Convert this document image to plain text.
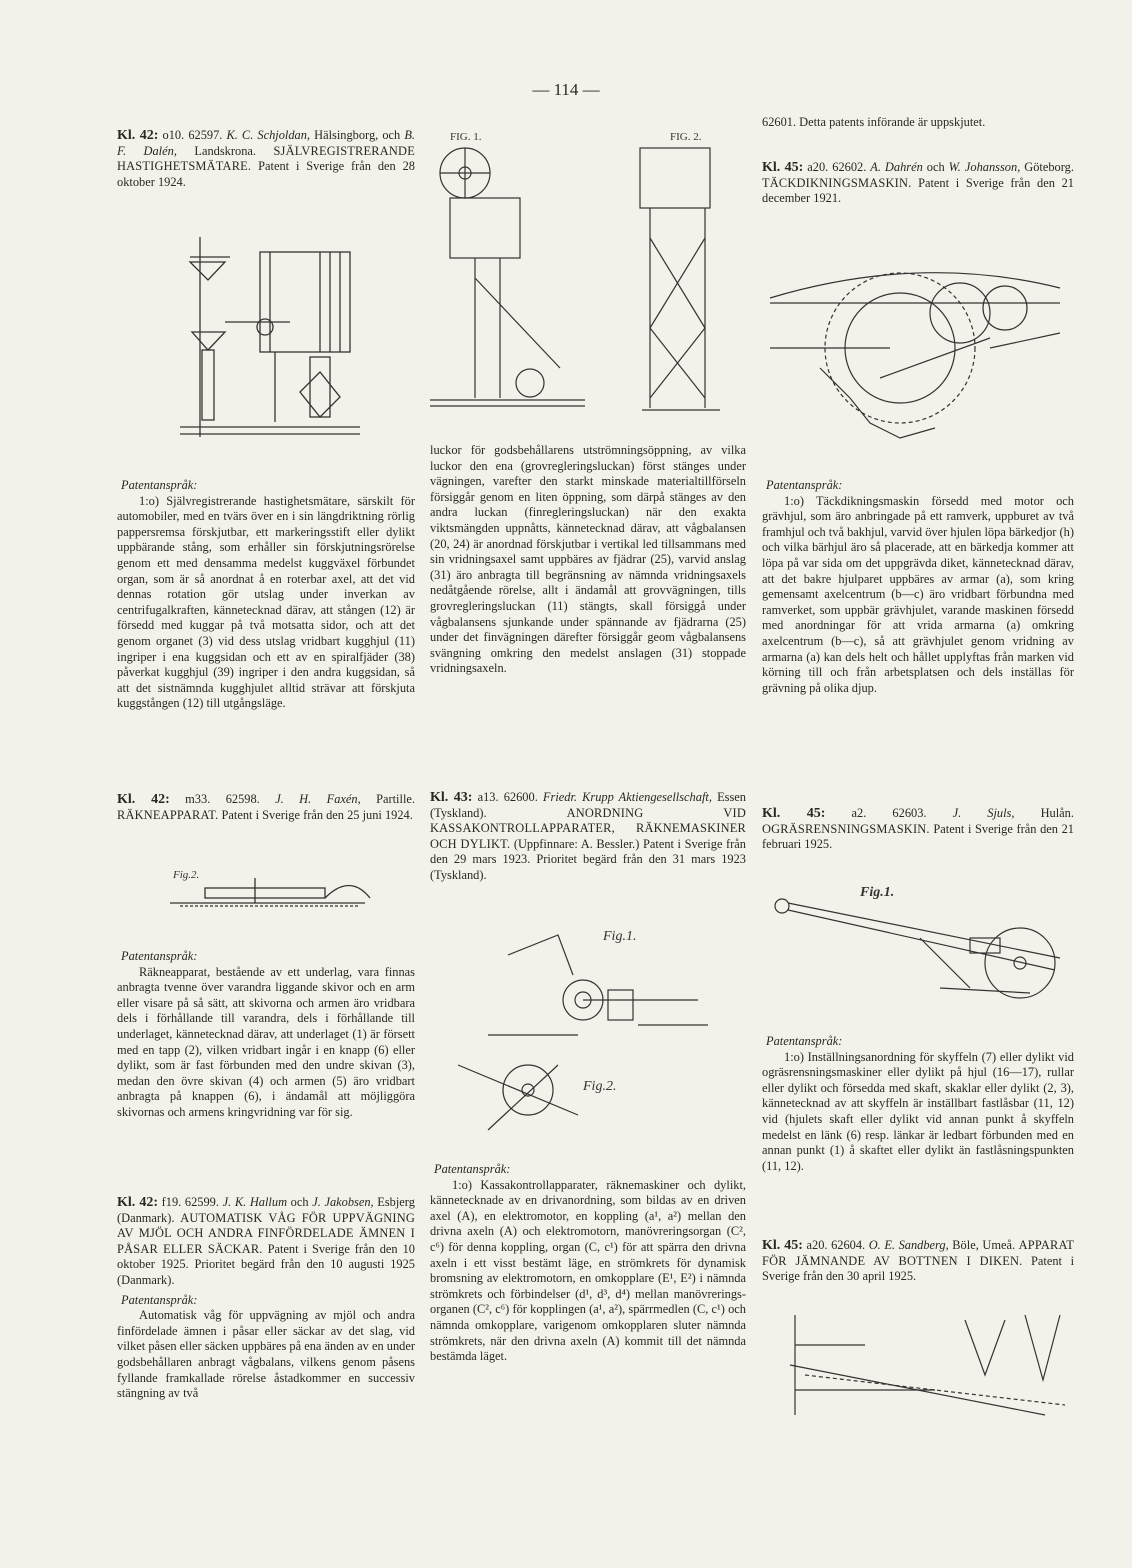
— 114 —

Kl. 42: o10. 62597. K. C. Schjoldan, Hälsingborg, och B. F. Dalén, Landskrona. SJÄLVREGISTRERANDE HASTIGHETSMÄTARE. Patent i Sverige från den 28 oktober 1924.

Patentanspråk:

1:o) Självregistrerande hastighetsmätare, särskilt för automobiler, med en tvärs över en i sin längdriktning rörlig pappersremsa förskjutbar, ett markeringsstift eller dylikt uppbärande stång, som erhåller sin förskjutningsrörelse genom ett med densamma medelst kuggväxel förbundet organ, som är så anordnat å en roterbar axel, att det vid dennas rotation gör utslag under inverkan av centrifugalkraften, kännetecknad därav, att stången (12) är försedd med kuggar på två motsatta sidor, och att det genom organet (3) vid dess utslag vridbart kugghjul (11) ingriper i ena kuggsidan och ett av en spiralfjäder (38) påverkat kugghjul (39) ingriper i den andra kuggsidan, så att det sistnämnda kugghjulet alltid strävar att förskjuta kuggstången (12) till utgångsläge.

Kl. 42: m33. 62598. J. H. Faxén, Partille. RÄKNEAPPARAT. Patent i Sverige från den 25 juni 1924.

Fig.2.

Patentanspråk:

Räkneapparat, bestående av ett underlag, vara finnas anbragta tvenne över varandra liggande skivor och en arm eller visare på så sätt, att skivorna och armen äro vridbara dels i förhållande till varandra, dels i förhållande till underlaget, kännetecknad därav, att underlaget (1) är försett med en tapp (2), vilken vridbart ingår i en knapp (6) eller dylikt, som är fast förbunden med den undre skivan (3), medan den övre skivan (4) och armen (5) äro vridbart anbragta på knappen (6), i ändamål att möjliggöra skivornas och armens kringvridning var för sig.

Kl. 42: f19. 62599. J. K. Hallum och J. Jakobsen, Esbjerg (Danmark). AUTOMATISK VÅG FÖR UPPVÄGNING AV MJÖL OCH ANDRA FINFÖRDELADE ÄMNEN I PÅSAR ELLER SÄCKAR. Patent i Sverige från den 10 oktober 1925. Prioritet begärd från den 10 augusti 1925 (Danmark).

Patentanspråk:

Automatisk våg för uppvägning av mjöl och andra finfördelade ämnen i påsar eller säckar av det slag, vid vilket påsen eller säcken uppbäres på ena änden av en under godsbehållaren anbragt vågbalans, vilkens genom påsens fyllande framkallade rörelse åstadkommer en successiv stängning av två

FIG. 1.	FIG. 2.

luckor för godsbehållarens utströmningsöppning, av vilka luckor den ena (grovregleringsluckan) först stänges under vägningen, varefter den starkt minskade materialtillförseln försiggår genom en liten öppning, som därpå stänges av den andra luckan (finregleringsluckan) när den exakta viktsmängden uppnåtts, kännetecknad därav, att vågbalansen (20, 24) är anordnad förskjutbar i vertikal led tillsammans med sin vridningsaxel samt uppbäres av fjädrar (25), varvid anslag (31) äro anbragta till begränsning av nämnda vridningsaxels nedåtgående rörelse, allt i ändamål att grovvägningen, tills grovregleringsluckan (11) stängts, skall försiggå under vågbalansens sjunkande under spännande av fjädrarna (25) under det finvägningen därefter försiggår geom vågbalansens svängning omkring den medelst anslagen (31) stoppade vridningsaxeln.

Kl. 43: a13. 62600. Friedr. Krupp Aktiengesellschaft, Essen (Tyskland).	ANORDNING VID KASSAKONTROLLAPPARATER, RÄKNEMASKINER OCH DYLIKT. (Uppfinnare: A. Bessler.) Patent i Sverige från den 29 mars 1923. Prioritet begärd från den 31 mars 1923 (Tyskland).

Fig.1.
Fig.2.

Patentanspråk:

1:o) Kassakontrollapparater, räknemaskiner och dylikt, kännetecknade av en drivanordning, som bildas av en driven axel (A), en elektromotor, en koppling (a¹, a²) mellan den drivna axeln (A) och elektromotorn, manövreringsorgan (C², c⁶) för denna koppling, organ (C, c¹) för att spärra den drivna axeln i ett visst bestämt läge, en strömkrets för dynamisk bromsning av elektromotorn, en omkopplare (E¹, E²) i nämnda strömkrets och förbindelser (d¹, d³, d⁴) mellan manövreringsorganen (C², c⁶) för kopplingen (a¹, a²), spärrmedlen (C, c¹) och nämnda omkopplare, varigenom omkopplaren sluter nämnda strömkrets, när den drivna axeln (A) kommit till det nämnda bestämda läget.

62601. Detta patents införande är uppskjutet.

Kl. 45: a20. 62602. A. Dahrén och W. Johansson, Göteborg. TÄCKDIKNINGSMASKIN. Patent i Sverige från den 21 december 1921.

Patentanspråk:

1:o) Täckdikningsmaskin försedd med motor och grävhjul, som äro anbringade på ett ramverk, uppburet av två framhjul och två bakhjul, varvid över hjulen löpa bärkedjor (h) och vilka bärhjul äro så placerade, att en bärkedja kommer att löpa på var sida om det uppgrävda diket, kännetecknad därav, att det bakre hjulparet uppbäres av armar (a), som kring gemensamt axelcentrum (b—c) äro vridbart förbundna med ramverket, som uppbär grävhjulet, varande maskinen försedd med anordningar för att vrida armarna (a) omkring axelcentrum (b—c), så att grävhjulet genom vridning av armarna (a) kan dels helt och hållet upplyftas från marken vid körning till och från arbetsplatsen och dels inställas för grävning på olika djup.

Kl. 45: a2. 62603. J. Sjuls, Hulån. OGRÄSRENSNINGSMASKIN. Patent i Sverige från den 21 februari 1925.

Fig.1.

Patentanspråk:

1:o) Inställningsanordning för skyffeln (7) eller dylikt vid ogräsrensningsmaskiner eller dylikt på hjul (16—17), rullar eller dylikt och försedda med skaft, skaklar eller dylikt (2, 3), kännetecknad av att skyffeln är inställbart fastlåsbar (11, 12) vid (hjulets skaft eller dylikt vid annan punkt å skyffeln medelst en länk (6) resp. länkar är ledbart förbunden med en annan punkt (1) å skaftet eller dylikt än fastlåsningspunkten (11, 12).

Kl. 45: a20. 62604. O. E. Sandberg, Böle, Umeå. APPARAT FÖR JÄMNANDE AV BOTTNEN I DIKEN. Patent i Sverige från den 30 april 1925.
